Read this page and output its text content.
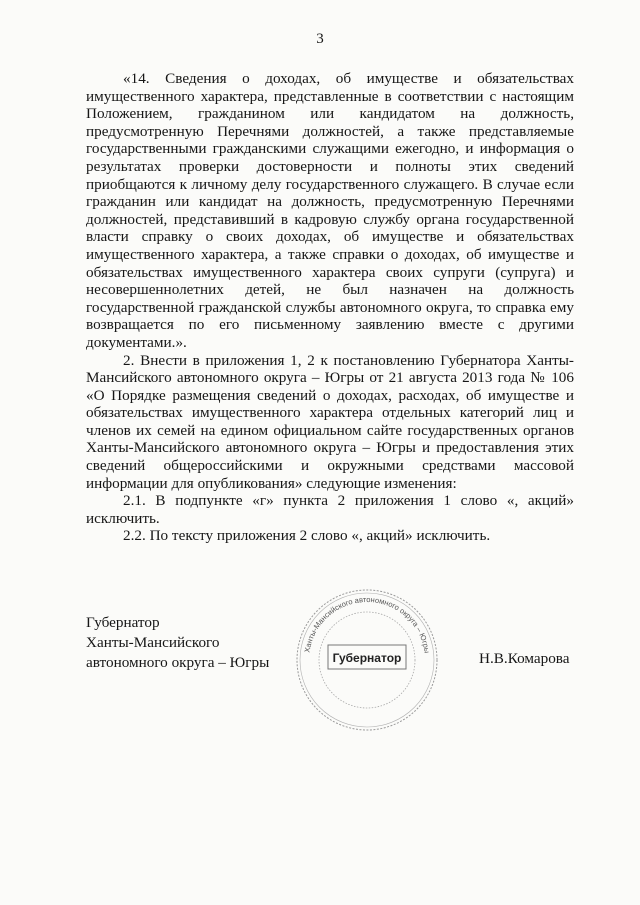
3

«14. Сведения о доходах, об имуществе и обязательствах имущественного характера, представленные в соответствии с настоящим Положением, гражданином или кандидатом на должность, предусмотренную Перечнями должностей, а также представляемые государственными гражданскими служащими ежегодно, и информация о результатах проверки достоверности и полноты этих сведений приобщаются к личному делу государственного служащего. В случае если гражданин или кандидат на должность, предусмотренную Перечнями должностей, представивший в кадровую службу органа государственной власти справку о своих доходах, об имуществе и обязательствах имущественного характера, а также справки о доходах, об имуществе и обязательствах имущественного характера своих супруги (супруга) и несовершеннолетних детей, не был назначен на должность государственной гражданской службы автономного округа, то справка ему возвращается по его письменному заявлению вместе с другими документами.».

2. Внести в приложения 1, 2 к постановлению Губернатора Ханты-Мансийского автономного округа – Югры от 21 августа 2013 года № 106 «О Порядке размещения сведений о доходах, расходах, об имуществе и обязательствах имущественного характера отдельных категорий лиц и членов их семей на едином официальном сайте государственных органов Ханты-Мансийского автономного округа – Югры и предоставления этих сведений общероссийскими и окружными средствами массовой информации для опубликования» следующие изменения:

2.1. В подпункте «г» пункта 2 приложения 1 слово «, акций» исключить.

2.2. По тексту приложения 2 слово «, акций» исключить.

Губернатор
Ханты-Мансийского
автономного округа – Югры
Ханты-Мансийского автономного округа – Югры
Губернатор	Н.В.Комарова
